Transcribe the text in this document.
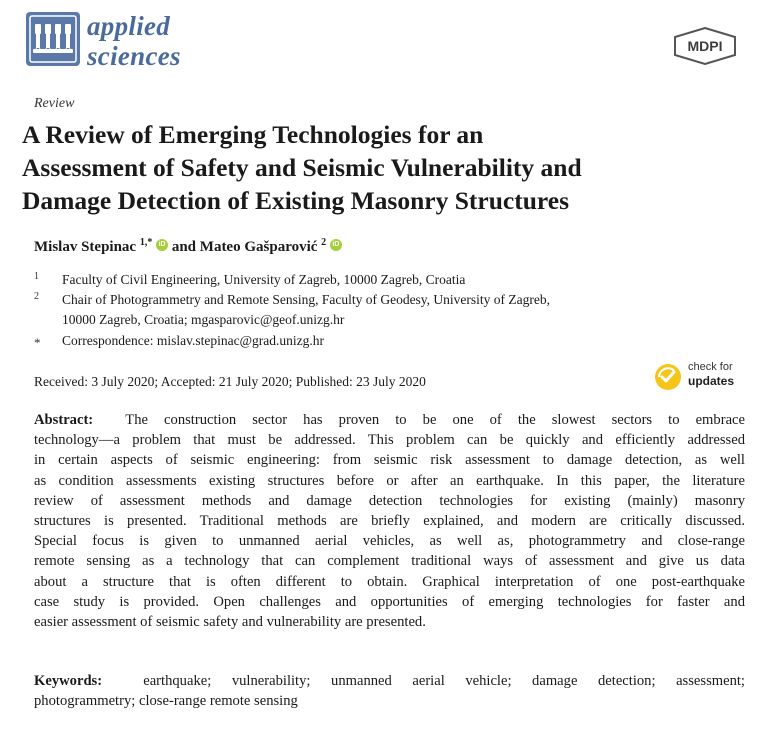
applied
sciences	MDPI
Review
A Review of Emerging Technologies for an
Assessment of Safety and Seismic Vulnerability and
Damage Detection of Existing Masonry Structures
Mislav Stepinac $^{1,*}$ iD and Mateo Gašparović $^2$ iD
1 Faculty of Civil Engineering, University of Zagreb, 10000 Zagreb, Croatia
2 Chair of Photogrammetry and Remote Sensing, Faculty of Geodesy, University of Zagreb,
10000 Zagreb, Croatia; mgasparovic@geof.unizg.hr
* Correspondence: mislav.stepinac@grad.unizg.hr
Received: 3 July 2020; Accepted: 21 July 2020; Published: 23 July 2020
check for
updates
Abstract: The construction sector has proven to be one of the slowest sectors to embrace
technology—a problem that must be addressed. This problem can be quickly and efficiently addressed
in certain aspects of seismic engineering: from seismic risk assessment to damage detection, as well
as condition assessments existing structures before or after an earthquake. In this paper, the literature
review of assessment methods and damage detection technologies for existing (mainly) masonry
structures is presented. Traditional methods are briefly explained, and modern are critically discussed.
Special focus is given to unmanned aerial vehicles, as well as, photogrammetry and close-range
remote sensing as a technology that can complement traditional ways of assessment and give us data
about a structure that is often different to obtain. Graphical interpretation of one post-earthquake
case study is provided. Open challenges and opportunities of emerging technologies for faster and
easier assessment of seismic safety and vulnerability are presented.
Keywords:	earthquake; vulnerability; unmanned aerial vehicle; damage detection; assessment;
photogrammetry; close-range remote sensing
